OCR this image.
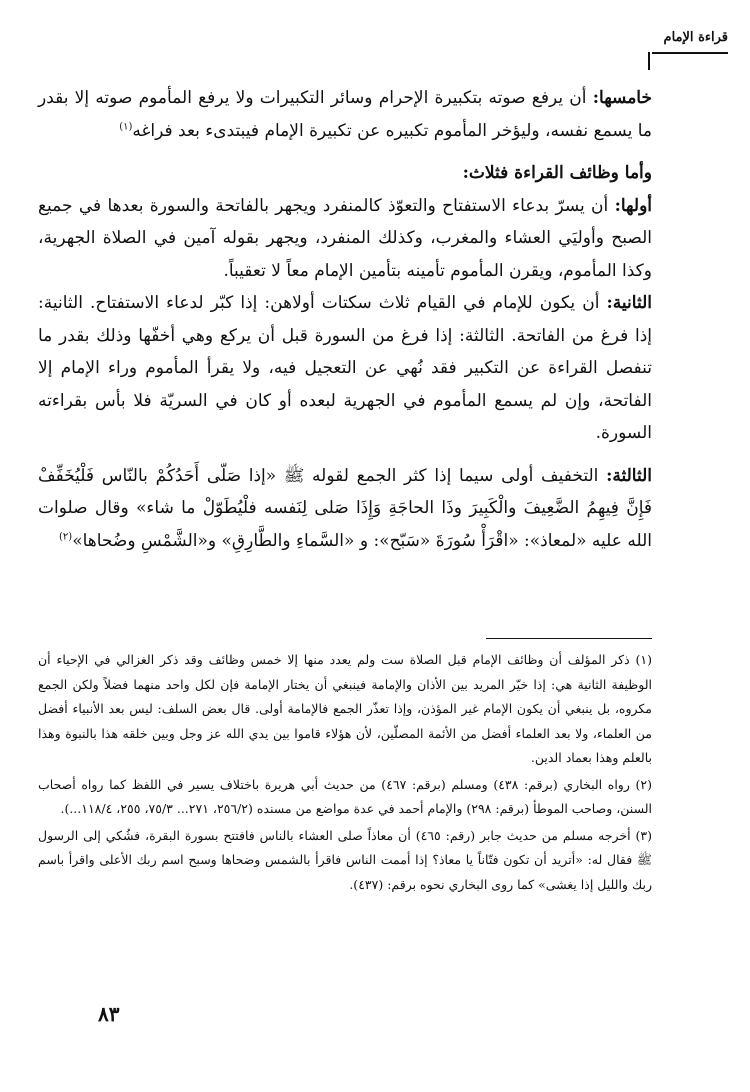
قراءة الإمام

خامسها: أن يرفع صوته بتكبيرة الإحرام وسائر التكبيرات ولا يرفع المأموم صوته إلا بقدر ما يسمع نفسه، وليؤخر المأموم تكبيره عن تكبيرة الإمام فيبتدىء بعد فراغه$^{(١)}$

وأما وظائف القراءة فثلاث:

أولها: أن يسرّ بدعاء الاستفتاح والتعوّذ كالمنفرد ويجهر بالفاتحة والسورة بعدها في جميع الصبح وأوليَي العشاء والمغرب، وكذلك المنفرد، ويجهر بقوله آمين في الصلاة الجهرية، وكذا المأموم، ويقرن المأموم تأمينه بتأمين الإمام معاً لا تعقيباً.

الثانية: أن يكون للإمام في القيام ثلاث سكتات أولاهن: إذا كبّر لدعاء الاستفتاح. الثانية: إذا فرغ من الفاتحة. الثالثة: إذا فرغ من السورة قبل أن يركع وهي أخفّها وذلك بقدر ما تنفصل القراءة عن التكبير فقد نُهي عن التعجيل فيه، ولا يقرأ المأموم وراء الإمام إلا الفاتحة، وإن لم يسمع المأموم في الجهرية لبعده أو كان في السريّة فلا بأس بقراءته السورة.

الثالثة: التخفيف أولى سيما إذا كثر الجمع لقوله ﷺ «إذا صَلّى أَحَدُكُمْ بالنّاس فَلْيُخَفِّفْ فَإِنَّ فِيهِمُ الضَّعِيفَ والْكَبِيرَ وذَا الحاجَةِ وَإِذَا صَلى لِنَفسه فلْيُطَوّلْ ما شاء» وقال صلوات الله عليه «لمعاذ»: «اقْرَأْ سُورَةَ «سَبّح»: و «السَّماءِ والطَّارِقِ» و«الشَّمْسِ وضُحاها»$^{(٢)}$

(١) ذكر المؤلف أن وظائف الإمام قبل الصلاة ست ولم يعدد منها إلا خمس وظائف وقد ذكر الغزالي في الإحياء أن الوظيفة الثانية هي: إذا خيّر المريد بين الأذان والإمامة فينبغي أن يختار الإمامة فإن لكل واحد منهما فضلاً ولكن الجمع مكروه، بل ينبغي أن يكون الإمام غير المؤذن، وإذا تعذّر الجمع فالإمامة أولى. قال بعض السلف: ليس بعد الأنبياء أفضل من العلماء، ولا بعد العلماء أفضل من الأئمة المصلّين، لأن هؤلاء قاموا بين يدي الله عز وجل وبين خلقه هذا بالنبوة وهذا بالعلم وهذا بعماد الدين.

(٢) رواه البخاري (برقم: ٤٣٨) ومسلم (برقم: ٤٦٧) من حديث أبي هريرة باختلاف يسير في اللفظ كما رواه أصحاب السنن، وصاحب الموطأ (برقم: ٢٩٨) والإمام أحمد في عدة مواضع من مسنده (٢٥٦/٢، ٢٧١... ٧٥/٣، ٢٥٥، ١١٨/٤...).

(٣) أخرجه مسلم من حديث جابر (رقم: ٤٦٥) أن معاذاً صلى العشاء بالناس فافتتح بسورة البقرة، فشُكي إلى الرسول ﷺ فقال له: «أتريد أن تكون فتّاناً يا معاذ؟ إذا أممت الناس فاقرأ بالشمس وضحاها وسبح اسم ربك الأعلى واقرأ باسم ربك والليل إذا يغشى» كما روى البخاري نحوه برقم: (٤٣٧).

٨٣
